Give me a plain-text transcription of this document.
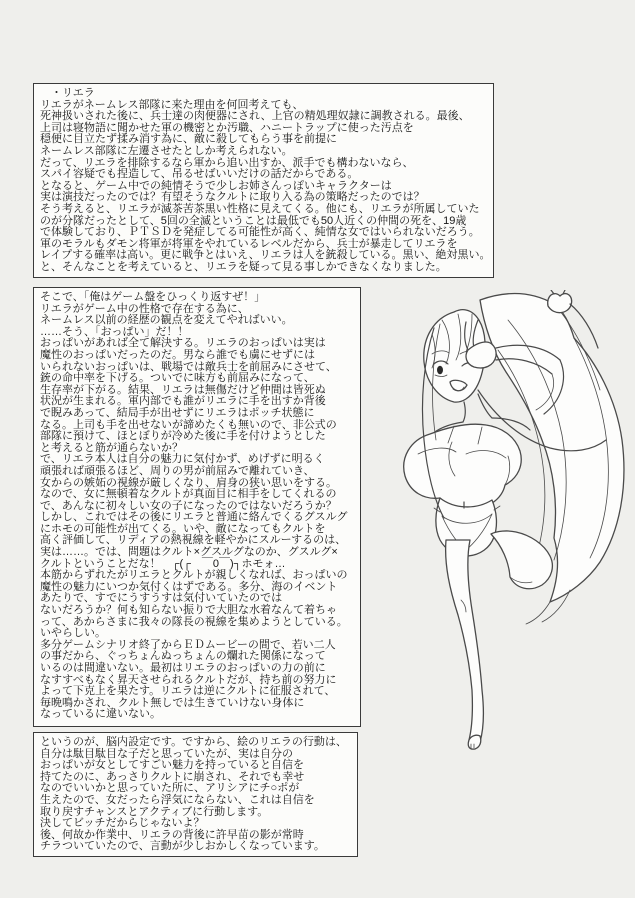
　・リエラ
リエラがネームレス部隊に来た理由を何回考えても、
死神扱いされた後に、兵士達の肉便器にされ、上官の精処理奴隷に調教される。最後、
上司は寝物語に聞かせた軍の機密とか汚職、ハニートラップに使った汚点を
穏便に目立たず揉み消す為に、敵に殺してもらう事を前提に
ネームレス部隊に左遷させたとしか考えられない。
だって、リエラを排除するなら軍から追い出すか、派手でも構わないなら、
スパイ容疑でも捏造して、吊るせばいいだけの話だからである。
となると、ゲーム中での純情そうで少しお姉さんっぽいキャラクターは
実は演技だったのでは？有望そうなクルトに取り入る為の策略だったのでは？
そう考えると、リエラが滅茶苦茶黒い性格に見えてくる。他にも、リエラが所属していた
のが分隊だったとして、5回の全滅ということは最低でも50人近くの仲間の死を、19歳
で体験しており、ＰＴＳＤを発症してる可能性が高く、純情な女ではいられないだろう。
軍のモラルもダモン将軍が将軍をやれているレベルだから、兵士が暴走してリエラを
レイプする確率は高い。更に戦争とはいえ、リエラは人を銃殺している。黒い、絶対黒い。
と、そんなことを考えていると、リエラを疑って見る事しかできなくなりました。
そこで、「俺はゲーム盤をひっくり返すぜ！」
リエラがゲーム中の性格で存在する為に、
ネームレス以前の経歴の観点を変えてやればいい。
……そう、「おっぱい」だ！！
おっぱいがあれば全て解決する。リエラのおっぱいは実は
魔性のおっぱいだったのだ。男なら誰でも虜にせずには
いられないおっぱいは、戦場では敵兵士を前屈みにさせて、
銃の命中率を下げる。ついでに味方も前屈みになって、
生存率が下がる。結果、リエラは無傷だけど仲間は皆死ぬ
状況が生まれる。軍内部でも誰がリエラに手を出すか背後
で睨みあって、結局手が出せずにリエラはポッチ状態に
なる。上司も手を出せないが諦めたくも無いので、非公式の
部隊に預けて、ほとぼりが冷めた後に手を付けようとした
と考えると筋が通らないか？
で、リエラ本人は自分の魅力に気付かず、めげずに明るく
頑張れば頑張るほど、周りの男が前屈みで離れていき、
女からの嫉妬の視線が厳しくなり、肩身の狭い思いをする。
なので、女に無頓着なクルトが真面目に相手をしてくれるの
で、あんなに初々しい女の子になったのではないだろうか？
しかし、これではその後にリエラと普通に絡んでくるグスルグ
にホモの可能性が出てくる。いや、敵になってもクルトを
高く評価して、リディアの熱視線を軽やかにスルーするのは、
実は……。では、問題はクルト×グスルグなのか、グスルグ×
クルトということだな！　┌(┌　￣0￣)┐ホモォ…
本筋からずれたがリエラとクルトが親しくなれば、おっぱいの
魔性の魅力にいつか気付くはずである。多分、海のイベント
あたりで、すでにうすうすは気付いていたのでは
ないだろうか？何も知らない振りで大胆な水着なんて着ちゃ
って、あからさまに我々の隊長の視線を集めようとしている。
いやらしい。
多分ゲームシナリオ終了からＥＤムービーの間で、若い二人
の事だから、ぐっちょんぬっちょんの爛れた関係になって
いるのは間違いない。最初はリエラのおっぱいの力の前に
なすすべもなく昇天させられるクルトだが、持ち前の努力に
よって下克上を果たす。リエラは逆にクルトに征服されて、
毎晩鳴かされ、クルト無しでは生きていけない身体に
なっているに違いない。
というのが、脳内設定です。ですから、絵のリエラの行動は、
自分は駄目駄目な子だと思っていたが、実は自分の
おっぱいが女としてすごい魅力を持っていると自信を
持てたのに、あっさりクルトに崩され、それでも幸せ
なのでいいかと思っていた所に、アリシアにチ○ポが
生えたので、女だったら浮気にならない、これは自信を
取り戻すチャンスとアクティブに行動します。
決してビッチだからじゃないよ？
後、何故か作業中、リエラの背後に許早苗の影が常時
チラついていたので、言動が少しおかしくなっています。
